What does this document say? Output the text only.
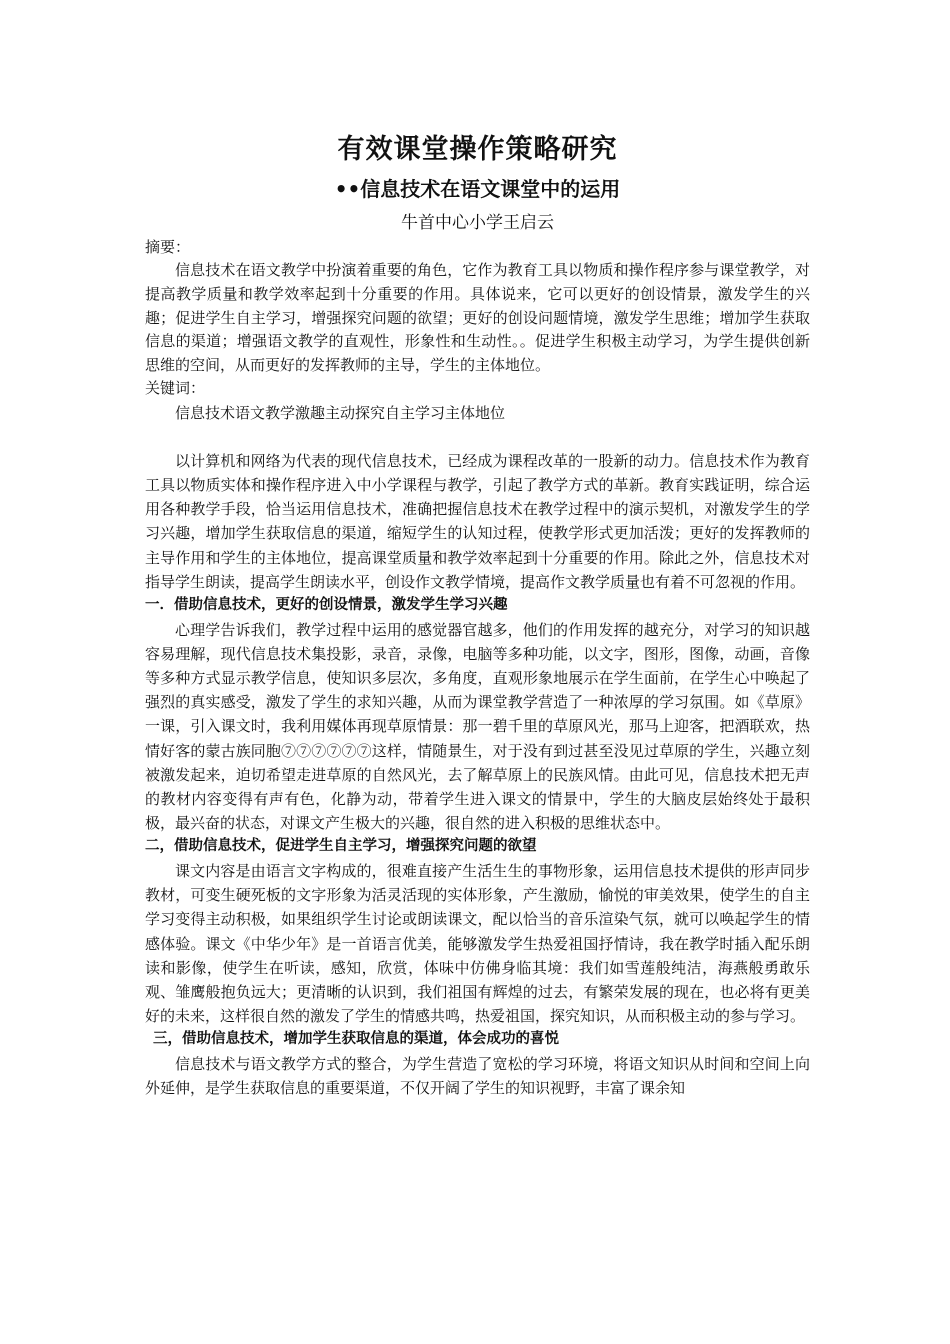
有效课堂操作策略研究
••信息技术在语文课堂中的运用
牛首中心小学王启云
摘要：

信息技术在语文教学中扮演着重要的角色，它作为教育工具以物质和操作程序参与课堂教学，对提高教学质量和教学效率起到十分重要的作用。具体说来，它可以更好的创设情景，激发学生的兴趣；促进学生自主学习，增强探究问题的欲望；更好的创设问题情境，激发学生思维；增加学生获取信息的渠道；增强语文教学的直观性，形象性和生动性。。促进学生积极主动学习，为学生提供创新思维的空间，从而更好的发挥教师的主导，学生的主体地位。

关键词：

信息技术语文教学激趣主动探究自主学习主体地位

以计算机和网络为代表的现代信息技术，已经成为课程改革的一股新的动力。信息技术作为教育工具以物质实体和操作程序进入中小学课程与教学，引起了教学方式的革新。教育实践证明，综合运用各种教学手段，恰当运用信息技术，准确把握信息技术在教学过程中的演示契机，对激发学生的学习兴趣，增加学生获取信息的渠道，缩短学生的认知过程，使教学形式更加活泼；更好的发挥教师的主导作用和学生的主体地位，提高课堂质量和教学效率起到十分重要的作用。除此之外，信息技术对指导学生朗读，提高学生朗读水平，创设作文教学情境，提高作文教学质量也有着不可忽视的作用。

一．借助信息技术，更好的创设情景，激发学生学习兴趣

心理学告诉我们，教学过程中运用的感觉器官越多，他们的作用发挥的越充分，对学习的知识越容易理解，现代信息技术集投影，录音，录像，电脑等多种功能，以文字，图形，图像，动画，音像等多种方式显示教学信息，使知识多层次，多角度，直观形象地展示在学生面前，在学生心中唤起了强烈的真实感受，激发了学生的求知兴趣，从而为课堂教学营造了一种浓厚的学习氛围。如《草原》一课，引入课文时，我利用媒体再现草原情景：那一碧千里的草原风光，那马上迎客，把酒联欢，热情好客的蒙古族同胞⑦⑦⑦⑦⑦⑦这样，情随景生，对于没有到过甚至没见过草原的学生，兴趣立刻被激发起来，迫切希望走进草原的自然风光，去了解草原上的民族风情。由此可见，信息技术把无声的教材内容变得有声有色，化静为动，带着学生进入课文的情景中，学生的大脑皮层始终处于最积极，最兴奋的状态，对课文产生极大的兴趣，很自然的进入积极的思维状态中。

二，借助信息技术，促进学生自主学习，增强探究问题的欲望

课文内容是由语言文字构成的，很难直接产生活生生的事物形象，运用信息技术提供的形声同步教材，可变生硬死板的文字形象为活灵活现的实体形象，产生激励，愉悦的审美效果，使学生的自主学习变得主动积极，如果组织学生讨论或朗读课文，配以恰当的音乐渲染气氛，就可以唤起学生的情感体验。课文《中华少年》是一首语言优美，能够激发学生热爱祖国抒情诗，我在教学时插入配乐朗读和影像，使学生在听读，感知，欣赏，体味中仿佛身临其境：我们如雪莲般纯洁，海燕般勇敢乐观、雏鹰般抱负远大；更清晰的认识到，我们祖国有辉煌的过去，有繁荣发展的现在，也必将有更美好的未来，这样很自然的激发了学生的情感共鸣，热爱祖国，探究知识，从而积极主动的参与学习。

三，借助信息技术，增加学生获取信息的渠道，体会成功的喜悦

信息技术与语文教学方式的整合，为学生营造了宽松的学习环境，将语文知识从时间和空间上向外延伸，是学生获取信息的重要渠道，不仅开阔了学生的知识视野，丰富了课余知
